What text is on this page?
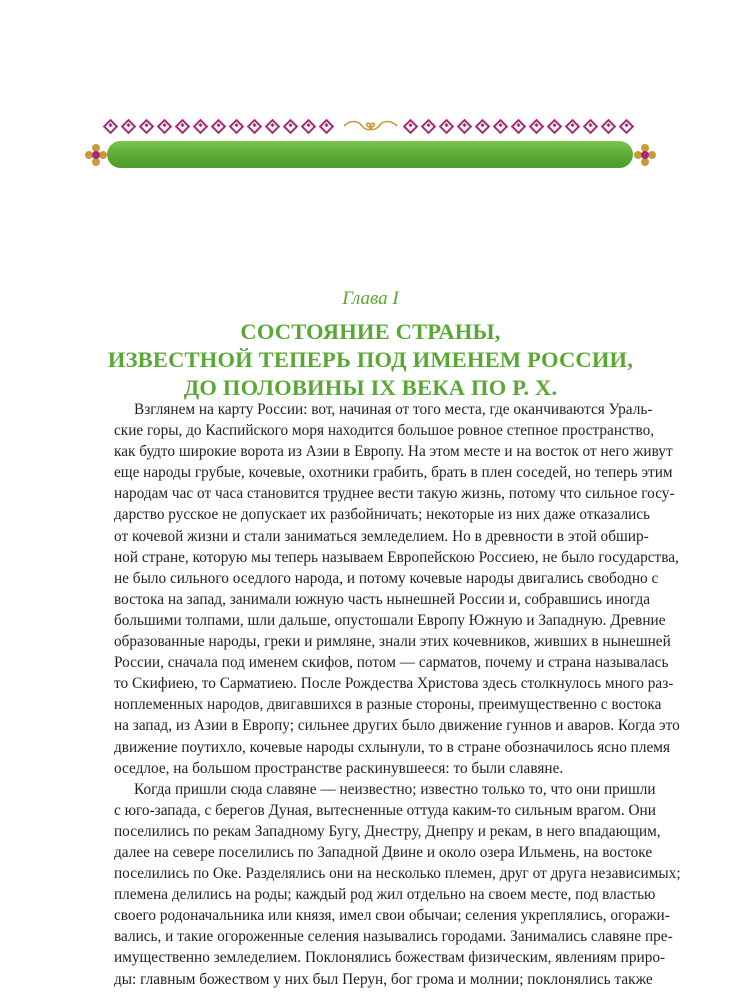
Глава I
СОСТОЯНИЕ СТРАНЫ,
ИЗВЕСТНОЙ ТЕПЕРЬ ПОД ИМЕНЕМ РОССИИ,
ДО ПОЛОВИНЫ IX ВЕКА ПО Р. Х.
Взглянем на карту России: вот, начиная от того места, где оканчиваются Ураль-
ские горы, до Каспийского моря находится большое ровное степное пространство,
как будто широкие ворота из Азии в Европу. На этом месте и на восток от него живут
еще народы грубые, кочевые, охотники грабить, брать в плен соседей, но теперь этим
народам час от часа становится труднее вести такую жизнь, потому что сильное госу-
дарство русское не допускает их разбойничать; некоторые из них даже отказались
от кочевой жизни и стали заниматься земледелием. Но в древности в этой обшир-
ной стране, которую мы теперь называем Европейскою Россиею, не было государства,
не было сильного оседлого народа, и потому кочевые народы двигались свободно с
востока на запад, занимали южную часть нынешней России и, собравшись иногда
большими толпами, шли дальше, опустошали Европу Южную и Западную. Древние
образованные народы, греки и римляне, знали этих кочевников, живших в нынешней
России, сначала под именем скифов, потом — сарматов, почему и страна называлась
то Скифиею, то Сарматиею. После Рождества Христова здесь столкнулось много раз-
ноплеменных народов, двигавшихся в разные стороны, преимущественно с востока
на запад, из Азии в Европу; сильнее других было движение гуннов и аваров. Когда это
движение поутихло, кочевые народы схлынули, то в стране обозначилось ясно племя
оседлое, на большом пространстве раскинувшееся: то были славяне.
Когда пришли сюда славяне — неизвестно; известно только то, что они пришли
с юго-запада, с берегов Дуная, вытесненные оттуда каким-то сильным врагом. Они
поселились по рекам Западному Бугу, Днестру, Днепру и рекам, в него впадающим,
далее на севере поселились по Западной Двине и около озера Ильмень, на востоке
поселились по Оке. Разделялись они на несколько племен, друг от друга независимых;
племена делились на роды; каждый род жил отдельно на своем месте, под властью
своего родоначальника или князя, имел свои обычаи; селения укреплялись, огоражи-
вались, и такие огороженные селения назывались городами. Занимались славяне пре-
имущественно земледелием. Поклонялись божествам физическим, явлениям приро-
ды: главным божеством у них был Перун, бог грома и молнии; поклонялись также
